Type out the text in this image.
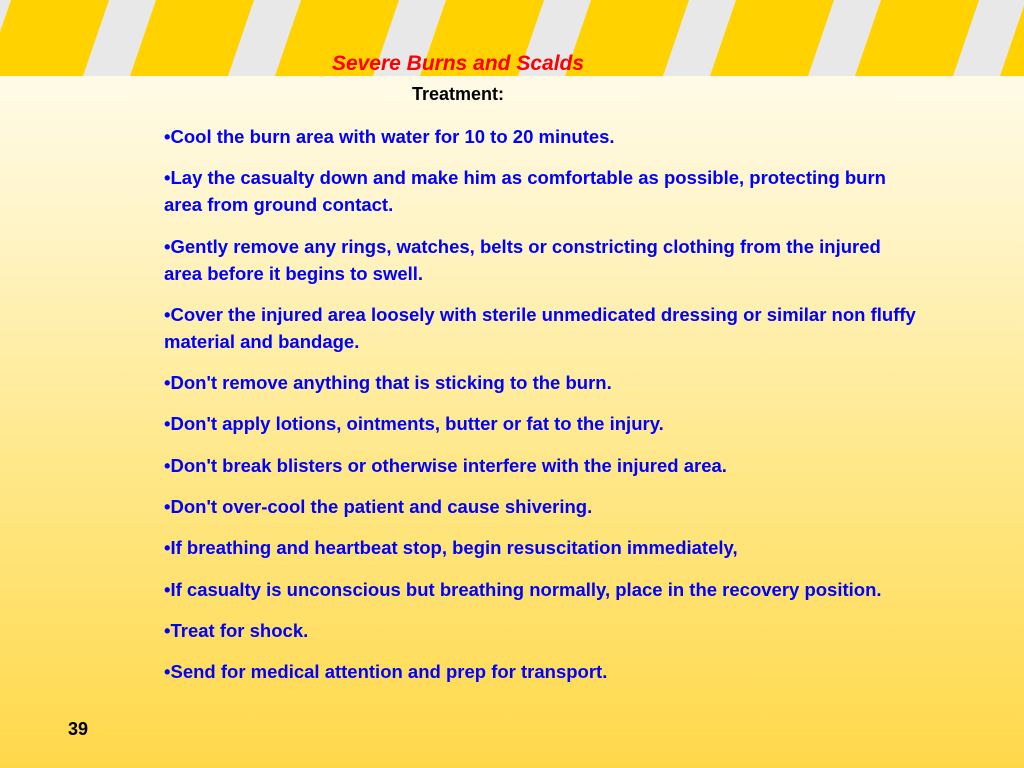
Severe Burns and Scalds
Treatment:
•Cool the burn area with water for 10 to 20 minutes.
•Lay the casualty down and make him as comfortable as possible, protecting burn area from ground contact.
•Gently remove any rings, watches, belts or constricting clothing from the injured area before it begins to swell.
•Cover the injured area loosely with sterile unmedicated dressing or similar non fluffy material and bandage.
•Don't remove anything that is sticking to the burn.
•Don't apply lotions, ointments, butter or fat to the injury.
•Don't break blisters or otherwise interfere with the injured area.
•Don't over-cool the patient and cause shivering.
•If breathing and heartbeat stop, begin resuscitation immediately,
•If casualty is unconscious but breathing normally, place in the recovery position.
•Treat for shock.
•Send for medical attention and prep for transport.
39
